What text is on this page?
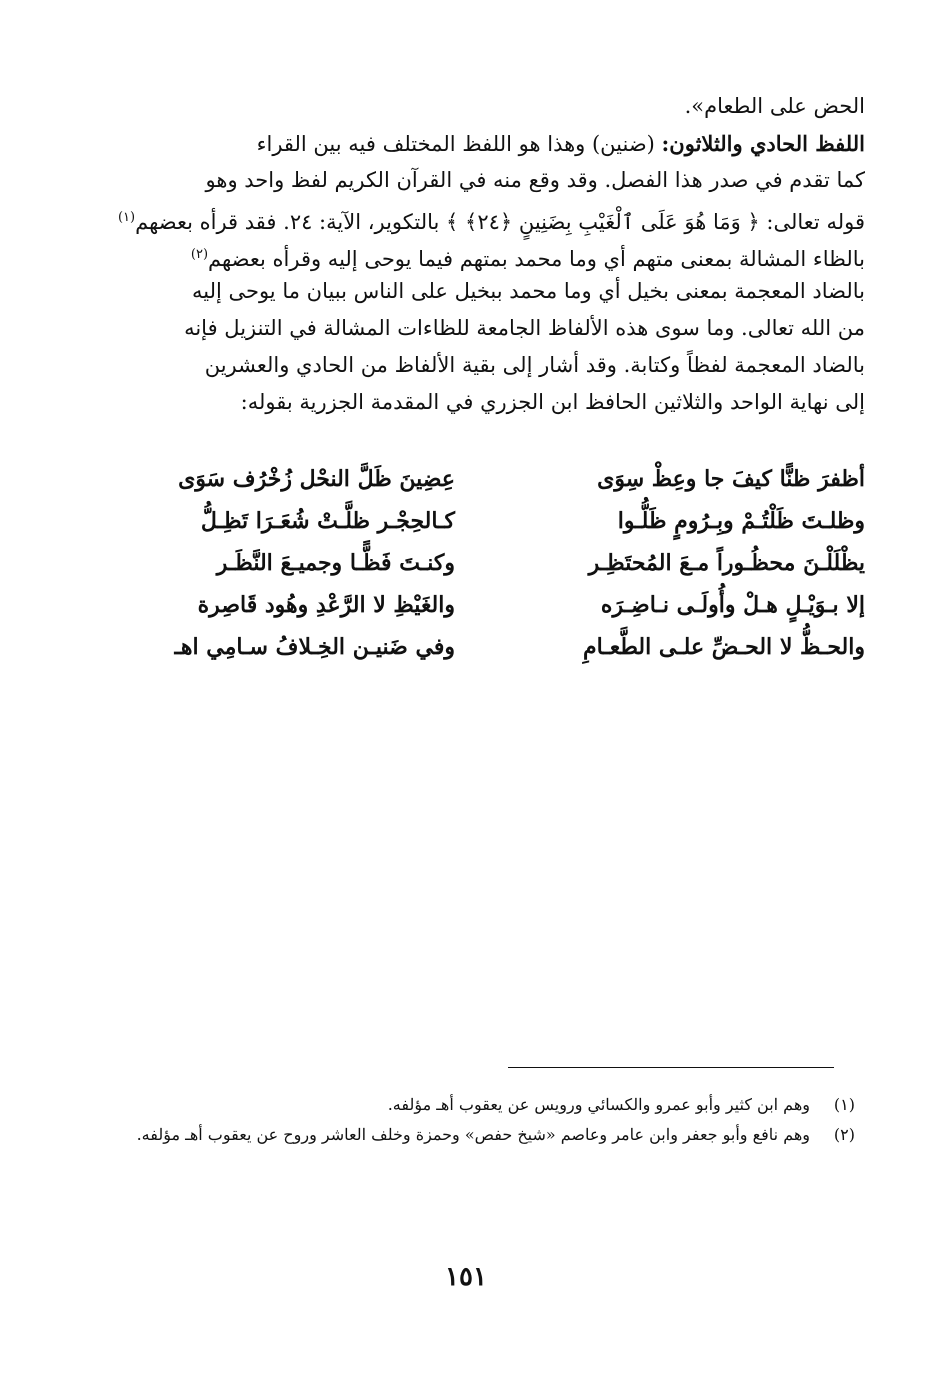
الحض على الطعام».
اللفظ الحادي والثلاثون: (ضنين) وهذا هو اللفظ المختلف فيه بين القراء
كما تقدم في صدر هذا الفصل. وقد وقع منه في القرآن الكريم لفظ واحد وهو
قوله تعالى: ﴿ وَمَا هُوَ عَلَى ٱلْغَيْبِ بِضَنِينٍ ﴿٢٤﴾ ﴾ بالتكوير، الآية: ٢٤. فقد قرأه بعضهم$^{(١)}$
بالظاء المشالة بمعنى متهم أي وما محمد بمتهم فيما يوحى إليه وقرأه بعضهم$^{(٢)}$
بالضاد المعجمة بمعنى بخيل أي وما محمد ببخيل على الناس ببيان ما يوحى إليه
من الله تعالى. وما سوى هذه الألفاظ الجامعة للظاءات المشالة في التنزيل فإنه
بالضاد المعجمة لفظاً وكتابة. وقد أشار إلى بقية الألفاظ من الحادي والعشرين
إلى نهاية الواحد والثلاثين الحافظ ابن الجزري في المقدمة الجزرية بقوله:
أظفرَ ظنًّا كيفَ جا وعِظْ سِوَى
عِضِينَ ظَلَّ النحْل زُخْرُف سَوَى
وظلـتَ ظَلْتُـمْ وبِـرُومٍ ظَلُّـوا
كـالحِجْـر ظلَّـتْ شُعَـرَا تَظِـلُّ
يظْلَلْـنَ محظُـوراً مـعَ المُحتَظِـر
وكنـتَ فَظًّـا وجميـعَ النَّظَـر
إلا بـوَيْـلٍ هـلْ وأُولَـى نـاضِـرَه
والغَيْظِ لا الرَّعْدِ وهُود قَاصِرة
والحـظُّ لا الحـضِّ علـى الطَّعـامِ
وفي ضَنيـن الخِـلافُ سـامِي اهـ
(١)
وهم ابن كثير وأبو عمرو والكسائي ورويس عن يعقوب أهـ مؤلفه.
(٢)
وهم نافع وأبو جعفر وابن عامر وعاصم «شيخ حفص» وحمزة وخلف العاشر وروح عن يعقوب أهـ مؤلفه.
١٥١
